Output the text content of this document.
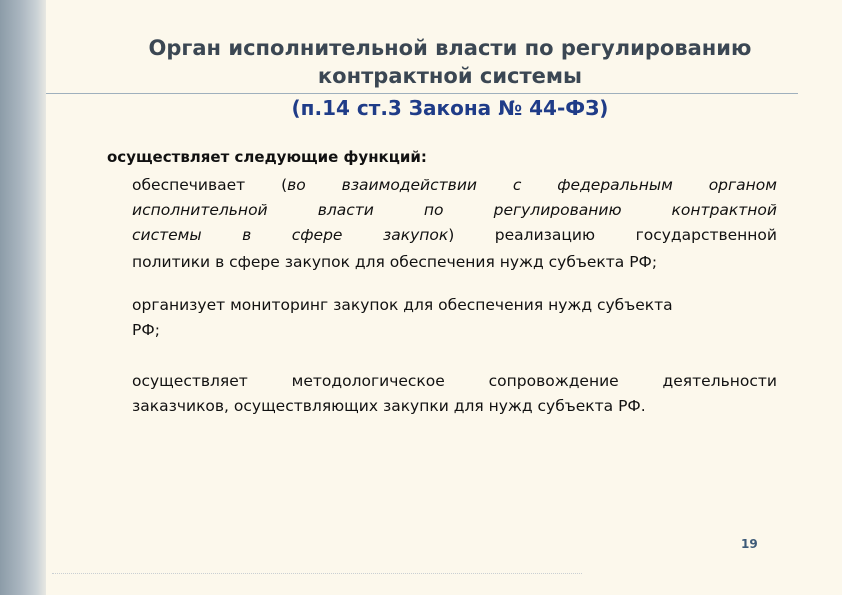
Орган исполнительной власти по регулированию
контрактной системы
(п.14 ст.3 Закона № 44-ФЗ)
осуществляет следующие функций:
обеспечивает (во взаимодействии с федеральным органом
исполнительной власти по регулированию контрактной
системы в сфере закупок) реализацию государственной
политики в сфере закупок для обеспечения нужд субъекта РФ;
организует мониторинг закупок для обеспечения нужд субъекта
РФ;
осуществляет методологическое сопровождение деятельности
заказчиков, осуществляющих закупки для нужд субъекта РФ.
19
